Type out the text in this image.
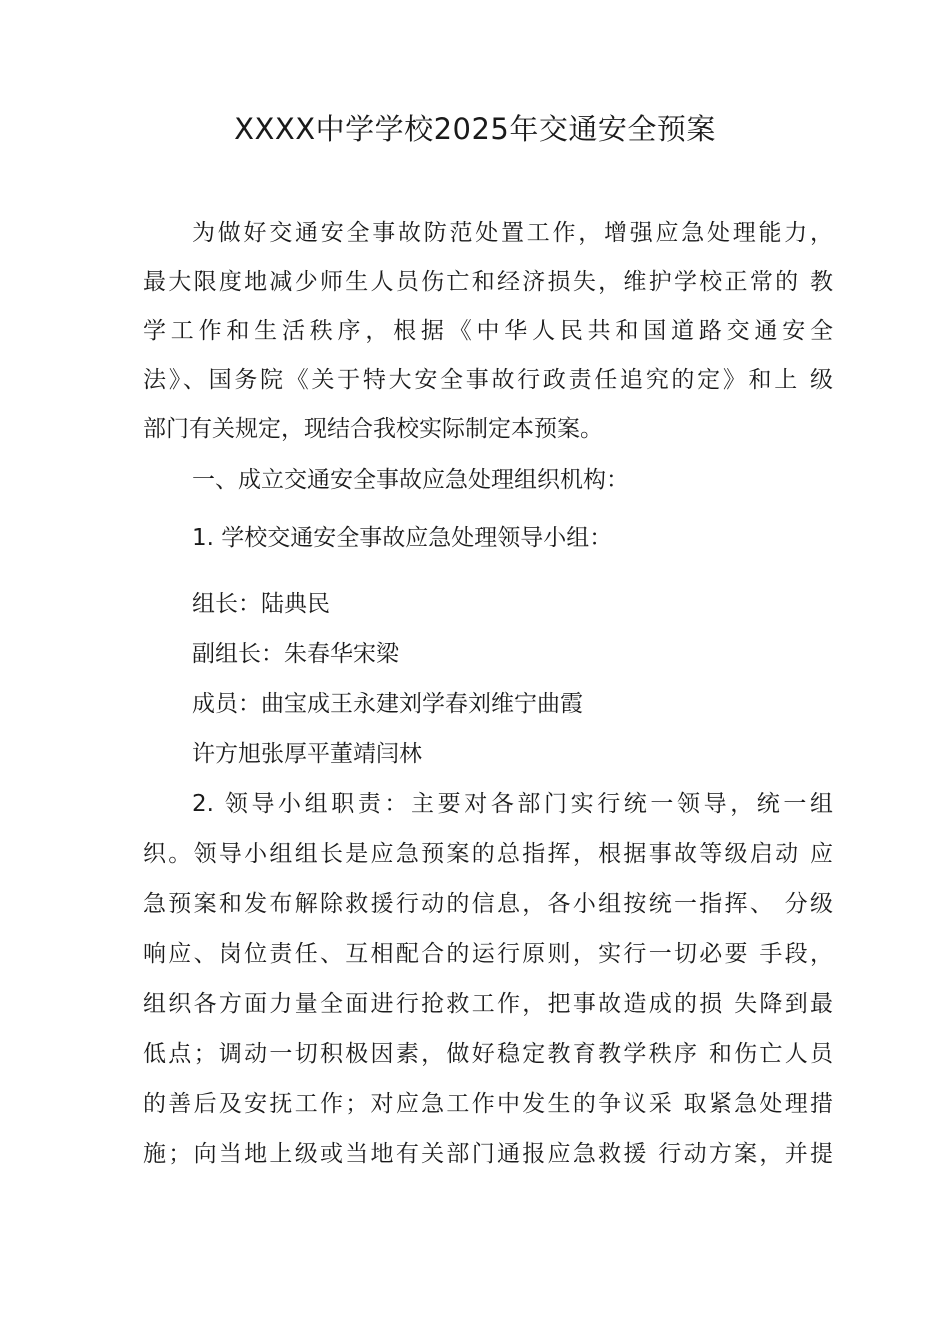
XXXX中学学校2025年交通安全预案
为做好交通安全事故防范处置工作，增强应急处理能力，
最大限度地减少师生人员伤亡和经济损失，维护学校正常的 教
学工作和生活秩序，根据《中华人民共和国道路交通安全
法》、国务院《关于特大安全事故行政责任追究的定》和上 级
部门有关规定，现结合我校实际制定本预案。
一、成立交通安全事故应急处理组织机构：
1. 学校交通安全事故应急处理领导小组：
组长：陆典民
副组长：朱春华宋梁
成员：曲宝成王永建刘学春刘维宁曲霞
许方旭张厚平董靖闫林
2. 领导小组职责：主要对各部门实行统一领导，统一组
织。领导小组组长是应急预案的总指挥，根据事故等级启动 应
急预案和发布解除救援行动的信息，各小组按统一指挥、 分级
响应、岗位责任、互相配合的运行原则，实行一切必要 手段，
组织各方面力量全面进行抢救工作，把事故造成的损 失降到最
低点；调动一切积极因素，做好稳定教育教学秩序 和伤亡人员
的善后及安抚工作；对应急工作中发生的争议采 取紧急处理措
施；向当地上级或当地有关部门通报应急救援 行动方案，并提
